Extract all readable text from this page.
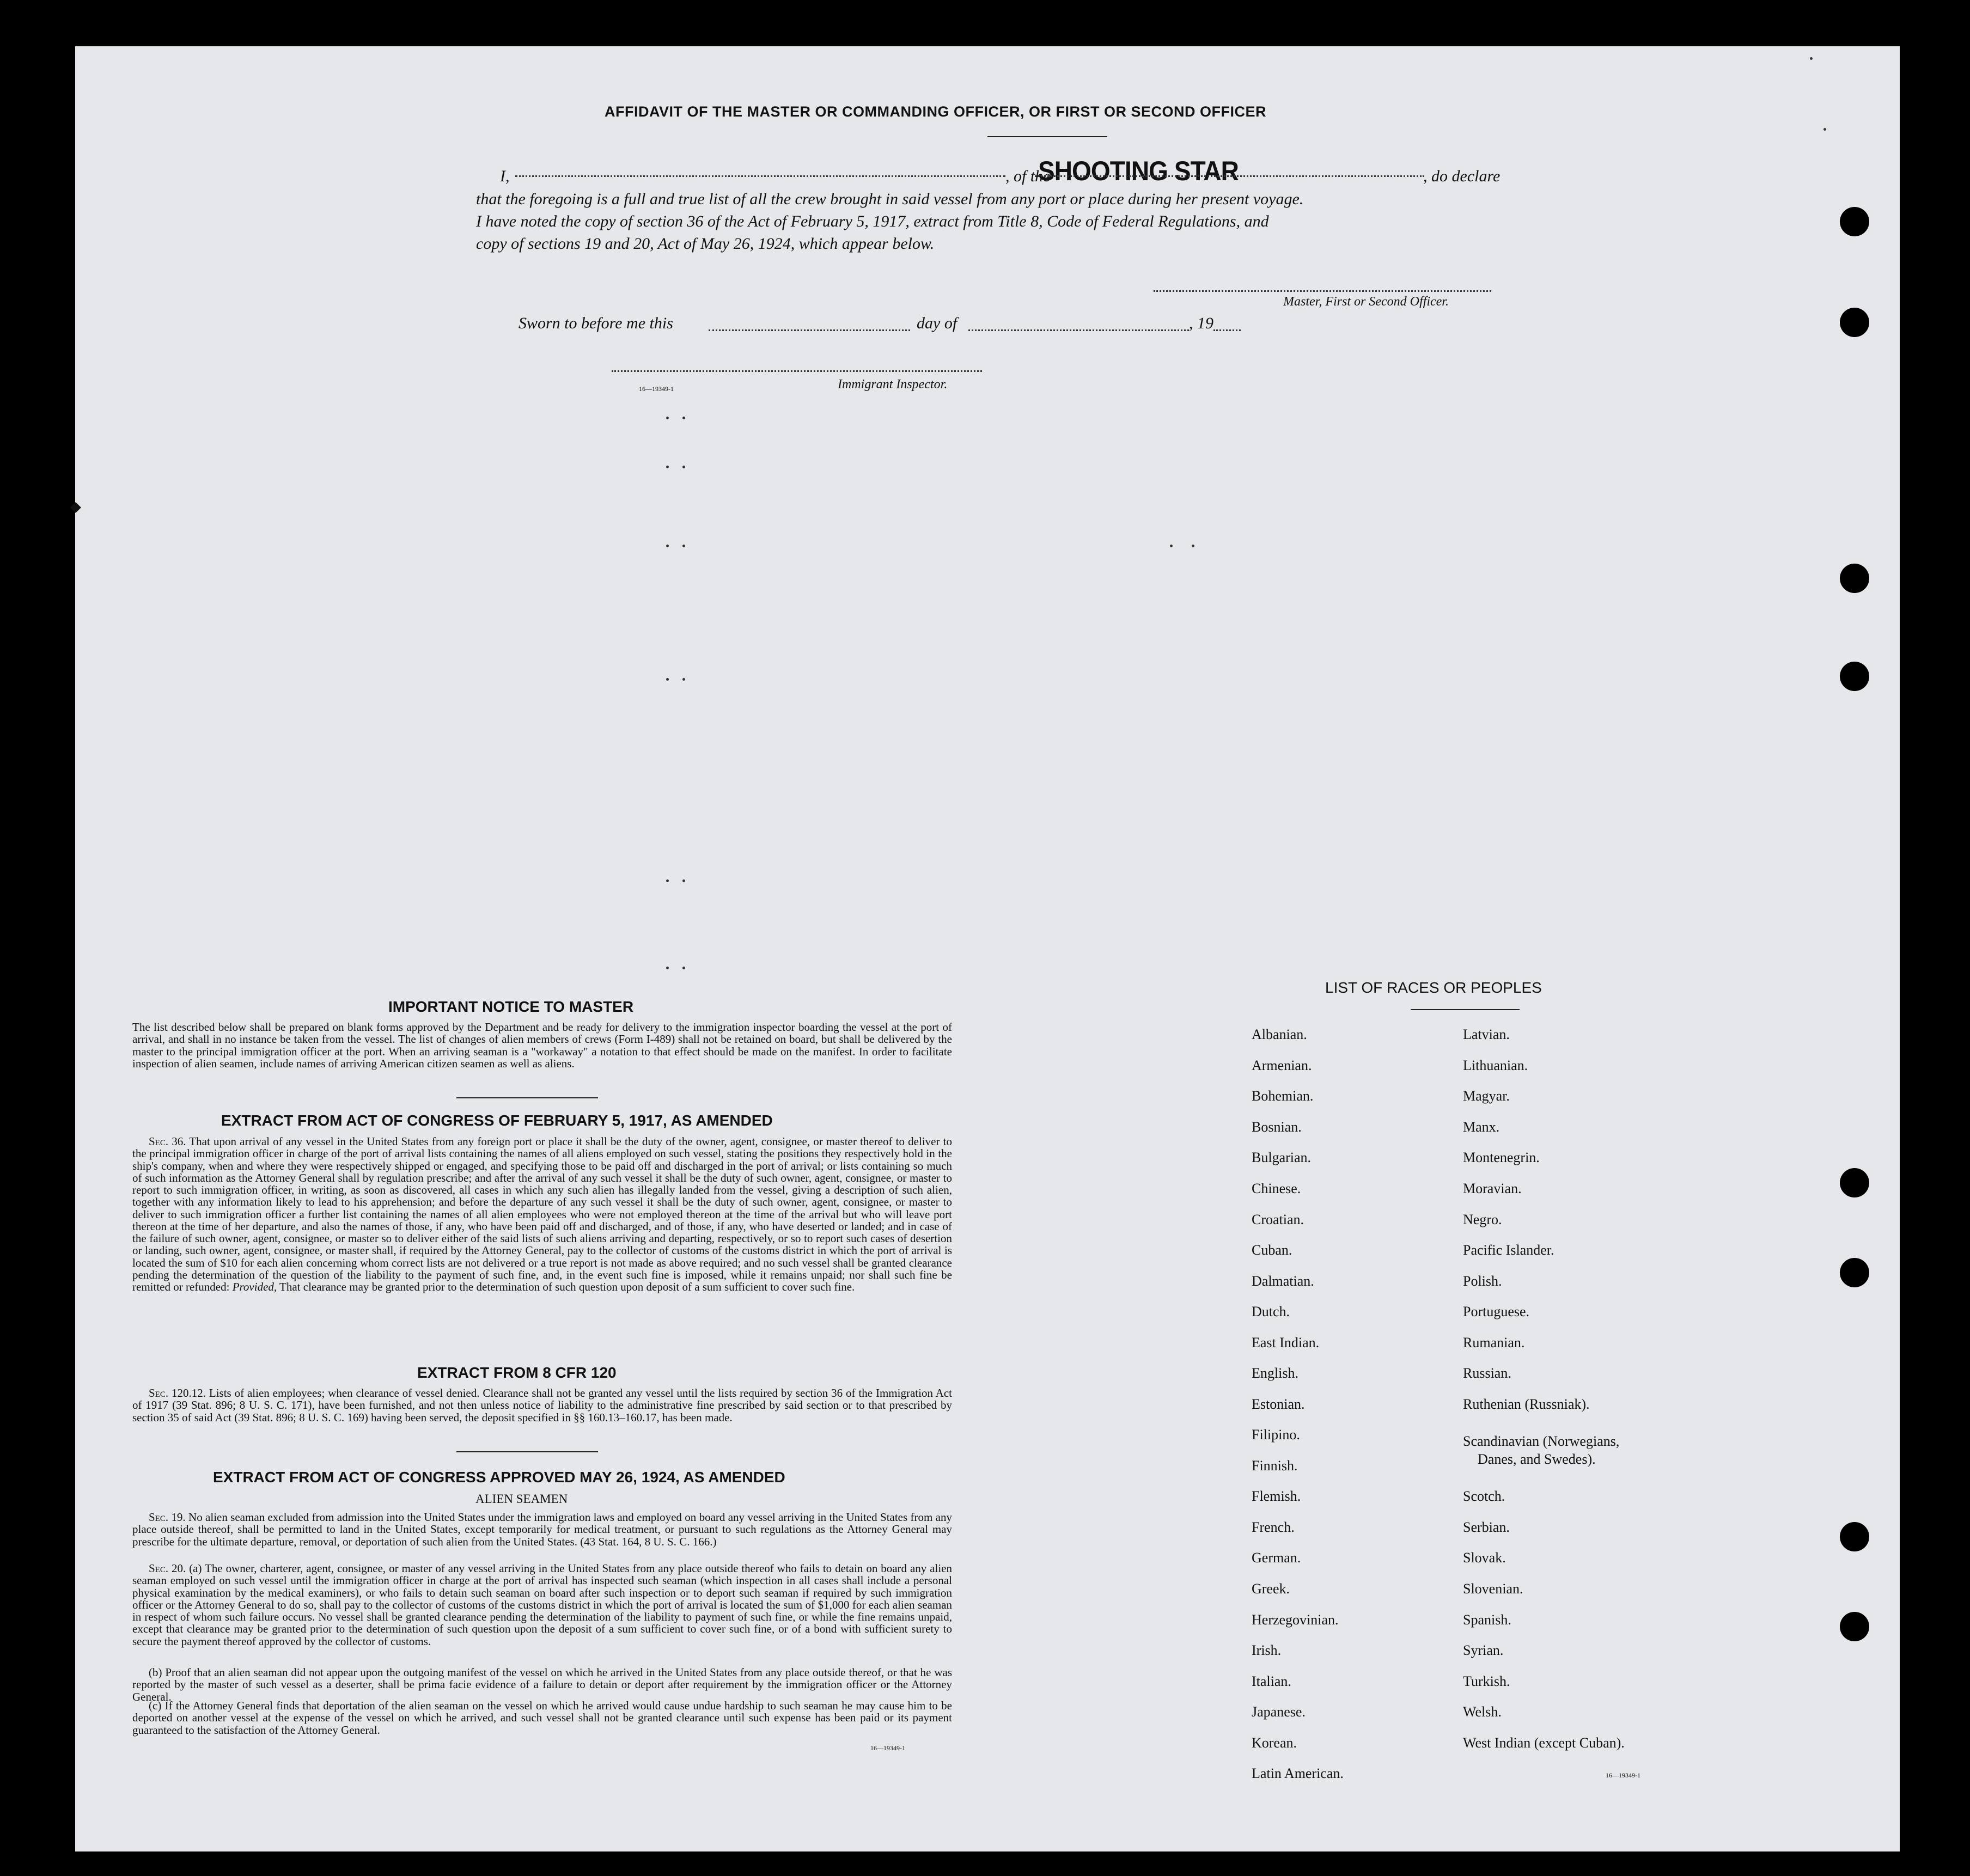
AFFIDAVIT OF THE MASTER OR COMMANDING OFFICER, OR FIRST OR SECOND OFFICER
I,	, of the
SHOOTING STAR	, do declare
that the foregoing is a full and true list of all the crew brought in said vessel from any port or place during her present voyage.
I have noted the copy of section 36 of the Act of February 5, 1917, extract from Title 8, Code of Federal Regulations, and
copy of sections 19 and 20, Act of May 26, 1924, which appear below.
Master, First or Second Officer.
Sworn to before me this	day of	, 19
16—19349-1	Immigrant Inspector.
IMPORTANT NOTICE TO MASTER
The list described below shall be prepared on blank forms approved by the Department and be ready for delivery to the immigration inspector boarding the vessel at the port of arrival, and shall in no instance be taken from the vessel. The list of changes of alien members of crews (Form I-489) shall not be retained on board, but shall be delivered by the master to the principal immigration officer at the port. When an arriving seaman is a "workaway" a notation to that effect should be made on the manifest. In order to facilitate inspection of alien seamen, include names of arriving American citizen seamen as well as aliens.
EXTRACT FROM ACT OF CONGRESS OF FEBRUARY 5, 1917, AS AMENDED
Sec. 36. That upon arrival of any vessel in the United States from any foreign port or place it shall be the duty of the owner, agent, consignee, or master thereof to deliver to the principal immigration officer in charge of the port of arrival lists containing the names of all aliens employed on such vessel, stating the positions they respectively hold in the ship's company, when and where they were respectively shipped or engaged, and specifying those to be paid off and discharged in the port of arrival; or lists containing so much of such information as the Attorney General shall by regulation prescribe; and after the arrival of any such vessel it shall be the duty of such owner, agent, consignee, or master to report to such immigration officer, in writing, as soon as discovered, all cases in which any such alien has illegally landed from the vessel, giving a description of such alien, together with any information likely to lead to his apprehension; and before the departure of any such vessel it shall be the duty of such owner, agent, consignee, or master to deliver to such immigration officer a further list containing the names of all alien employees who were not employed thereon at the time of the arrival but who will leave port thereon at the time of her departure, and also the names of those, if any, who have been paid off and discharged, and of those, if any, who have deserted or landed; and in case of the failure of such owner, agent, consignee, or master so to deliver either of the said lists of such aliens arriving and departing, respectively, or so to report such cases of desertion or landing, such owner, agent, consignee, or master shall, if required by the Attorney General, pay to the collector of customs of the customs district in which the port of arrival is located the sum of $10 for each alien concerning whom correct lists are not delivered or a true report is not made as above required; and no such vessel shall be granted clearance pending the determination of the question of the liability to the payment of such fine, and, in the event such fine is imposed, while it remains unpaid; nor shall such fine be remitted or refunded: Provided, That clearance may be granted prior to the determination of such question upon deposit of a sum sufficient to cover such fine.
EXTRACT FROM 8 CFR 120
Sec. 120.12. Lists of alien employees; when clearance of vessel denied. Clearance shall not be granted any vessel until the lists required by section 36 of the Immigration Act of 1917 (39 Stat. 896; 8 U. S. C. 171), have been furnished, and not then unless notice of liability to the administrative fine prescribed by said section or to that prescribed by section 35 of said Act (39 Stat. 896; 8 U. S. C. 169) having been served, the deposit specified in §§ 160.13–160.17, has been made.
EXTRACT FROM ACT OF CONGRESS APPROVED MAY 26, 1924, AS AMENDED
ALIEN SEAMEN
Sec. 19. No alien seaman excluded from admission into the United States under the immigration laws and employed on board any vessel arriving in the United States from any place outside thereof, shall be permitted to land in the United States, except temporarily for medical treatment, or pursuant to such regulations as the Attorney General may prescribe for the ultimate departure, removal, or deportation of such alien from the United States. (43 Stat. 164, 8 U. S. C. 166.)
Sec. 20. (a) The owner, charterer, agent, consignee, or master of any vessel arriving in the United States from any place outside thereof who fails to detain on board any alien seaman employed on such vessel until the immigration officer in charge at the port of arrival has inspected such seaman (which inspection in all cases shall include a personal physical examination by the medical examiners), or who fails to detain such seaman on board after such inspection or to deport such seaman if required by such immigration officer or the Attorney General to do so, shall pay to the collector of customs of the customs district in which the port of arrival is located the sum of $1,000 for each alien seaman in respect of whom such failure occurs. No vessel shall be granted clearance pending the determination of the liability to payment of such fine, or while the fine remains unpaid, except that clearance may be granted prior to the determination of such question upon the deposit of a sum sufficient to cover such fine, or of a bond with sufficient surety to secure the payment thereof approved by the collector of customs.
(b) Proof that an alien seaman did not appear upon the outgoing manifest of the vessel on which he arrived in the United States from any place outside thereof, or that he was reported by the master of such vessel as a deserter, shall be prima facie evidence of a failure to detain or deport after requirement by the immigration officer or the Attorney General.
(c) If the Attorney General finds that deportation of the alien seaman on the vessel on which he arrived would cause undue hardship to such seaman he may cause him to be deported on another vessel at the expense of the vessel on which he arrived, and such vessel shall not be granted clearance until such expense has been paid or its payment guaranteed to the satisfaction of the Attorney General.
16—19349-1
LIST OF RACES OR PEOPLES
Albanian.
Armenian.
Bohemian.
Bosnian.
Bulgarian.
Chinese.
Croatian.
Cuban.
Dalmatian.
Dutch.
East Indian.
English.
Estonian.
Filipino.
Finnish.
Flemish.
French.
German.
Greek.
Herzegovinian.
Irish.
Italian.
Japanese.
Korean.
Latin American.
Latvian.
Lithuanian.
Magyar.
Manx.
Montenegrin.
Moravian.
Negro.
Pacific Islander.
Polish.
Portuguese.
Rumanian.
Russian.
Ruthenian (Russniak).
Scandinavian (Norwegians,
Danes, and Swedes).
Scotch.
Serbian.
Slovak.
Slovenian.
Spanish.
Syrian.
Turkish.
Welsh.
West Indian (except Cuban).
16—19349-1
